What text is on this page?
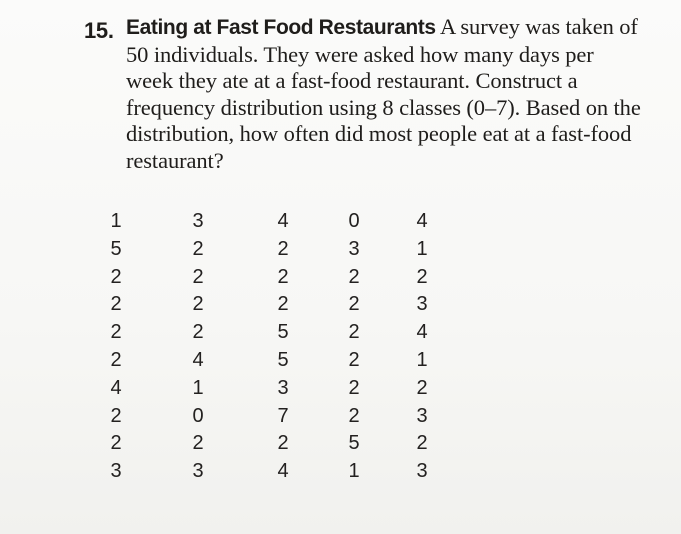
15. Eating at Fast Food Restaurants A survey was taken of 50 individuals. They were asked how many days per week they ate at a fast-food restaurant. Construct a frequency distribution using 8 classes (0–7). Based on the distribution, how often did most people eat at a fast-food restaurant?
1
5
2
2
2
2
4
2
2
3
3
2
2
2
2
4
1
0
2
3
4
2
2
2
5
5
3
7
2
4
0
3
2
2
2
2
2
2
5
1
4
1
2
3
4
1
2
3
2
3
